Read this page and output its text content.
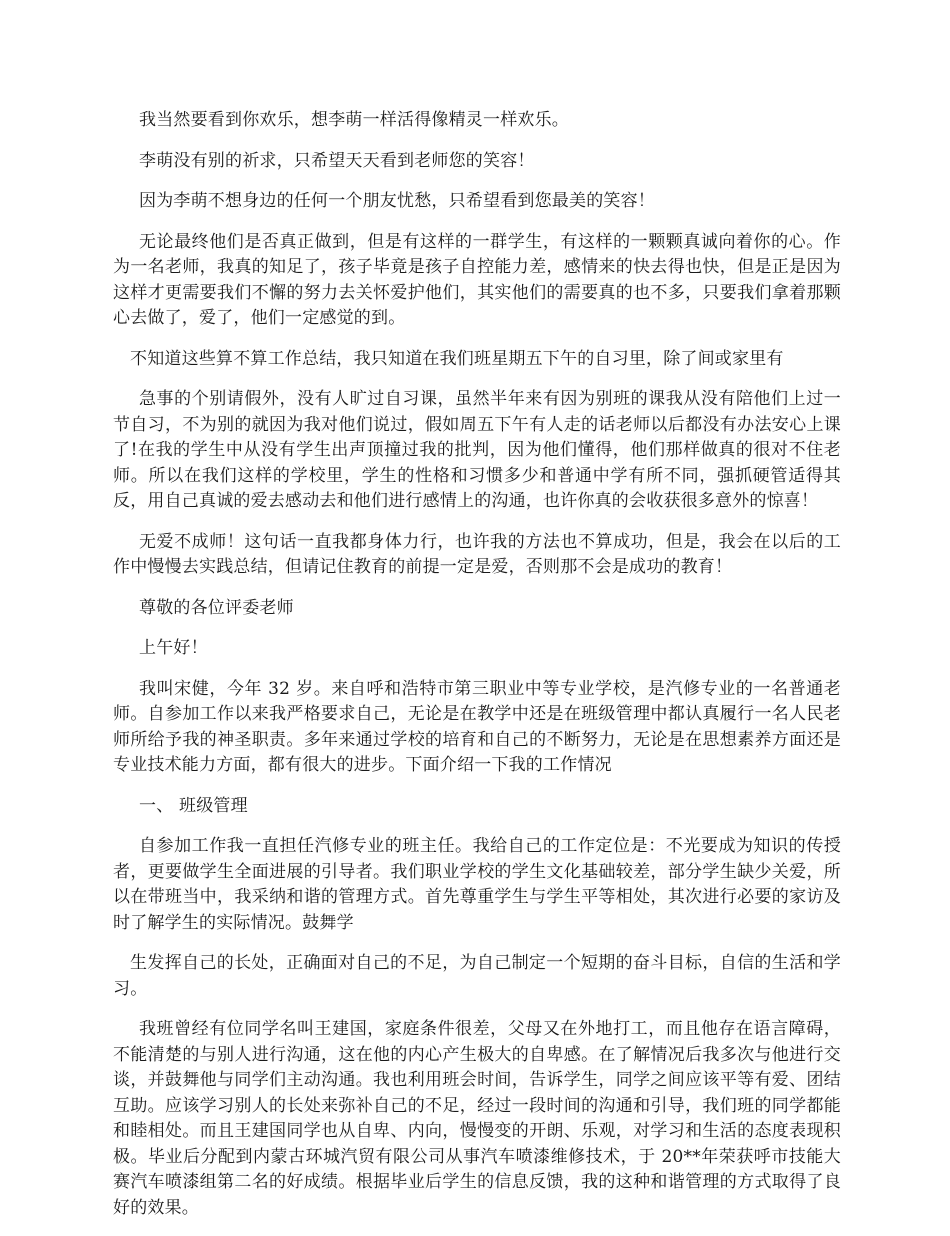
我当然要看到你欢乐，想李萌一样活得像精灵一样欢乐。

李萌没有别的祈求，只希望天天看到老师您的笑容！

因为李萌不想身边的任何一个朋友忧愁，只希望看到您最美的笑容！

无论最终他们是否真正做到，但是有这样的一群学生，有这样的一颗颗真诚向着你的心。作为一名老师，我真的知足了，孩子毕竟是孩子自控能力差，感情来的快去得也快，但是正是因为这样才更需要我们不懈的努力去关怀爱护他们，其实他们的需要真的也不多，只要我们拿着那颗心去做了，爱了，他们一定感觉的到。

不知道这些算不算工作总结，我只知道在我们班星期五下午的自习里，除了间或家里有

急事的个别请假外，没有人旷过自习课，虽然半年来有因为别班的课我从没有陪他们上过一节自习，不为别的就因为我对他们说过，假如周五下午有人走的话老师以后都没有办法安心上课了!在我的学生中从没有学生出声顶撞过我的批判，因为他们懂得，他们那样做真的很对不住老师。所以在我们这样的学校里，学生的性格和习惯多少和普通中学有所不同，强抓硬管适得其反，用自己真诚的爱去感动去和他们进行感情上的沟通，也许你真的会收获很多意外的惊喜！

无爱不成师！这句话一直我都身体力行，也许我的方法也不算成功，但是，我会在以后的工作中慢慢去实践总结，但请记住教育的前提一定是爱，否则那不会是成功的教育！

尊敬的各位评委老师

上午好！

我叫宋健，今年 32 岁。来自呼和浩特市第三职业中等专业学校，是汽修专业的一名普通老师。自参加工作以来我严格要求自己，无论是在教学中还是在班级管理中都认真履行一名人民老师所给予我的神圣职责。多年来通过学校的培育和自己的不断努力，无论是在思想素养方面还是专业技术能力方面，都有很大的进步。下面介绍一下我的工作情况

一、 班级管理

自参加工作我一直担任汽修专业的班主任。我给自己的工作定位是：不光要成为知识的传授者，更要做学生全面进展的引导者。我们职业学校的学生文化基础较差，部分学生缺少关爱，所以在带班当中，我采纳和谐的管理方式。首先尊重学生与学生平等相处，其次进行必要的家访及时了解学生的实际情况。鼓舞学

生发挥自己的长处，正确面对自己的不足，为自己制定一个短期的奋斗目标，自信的生活和学习。

我班曾经有位同学名叫王建国，家庭条件很差，父母又在外地打工，而且他存在语言障碍，不能清楚的与别人进行沟通，这在他的内心产生极大的自卑感。在了解情况后我多次与他进行交谈，并鼓舞他与同学们主动沟通。我也利用班会时间，告诉学生，同学之间应该平等有爱、团结互助。应该学习别人的长处来弥补自己的不足，经过一段时间的沟通和引导，我们班的同学都能和睦相处。而且王建国同学也从自卑、内向，慢慢变的开朗、乐观，对学习和生活的态度表现积极。毕业后分配到内蒙古环城汽贸有限公司从事汽车喷漆维修技术，于 20**年荣获呼市技能大赛汽车喷漆组第二名的好成绩。根据毕业后学生的信息反馈，我的这种和谐管理的方式取得了良好的效果。
